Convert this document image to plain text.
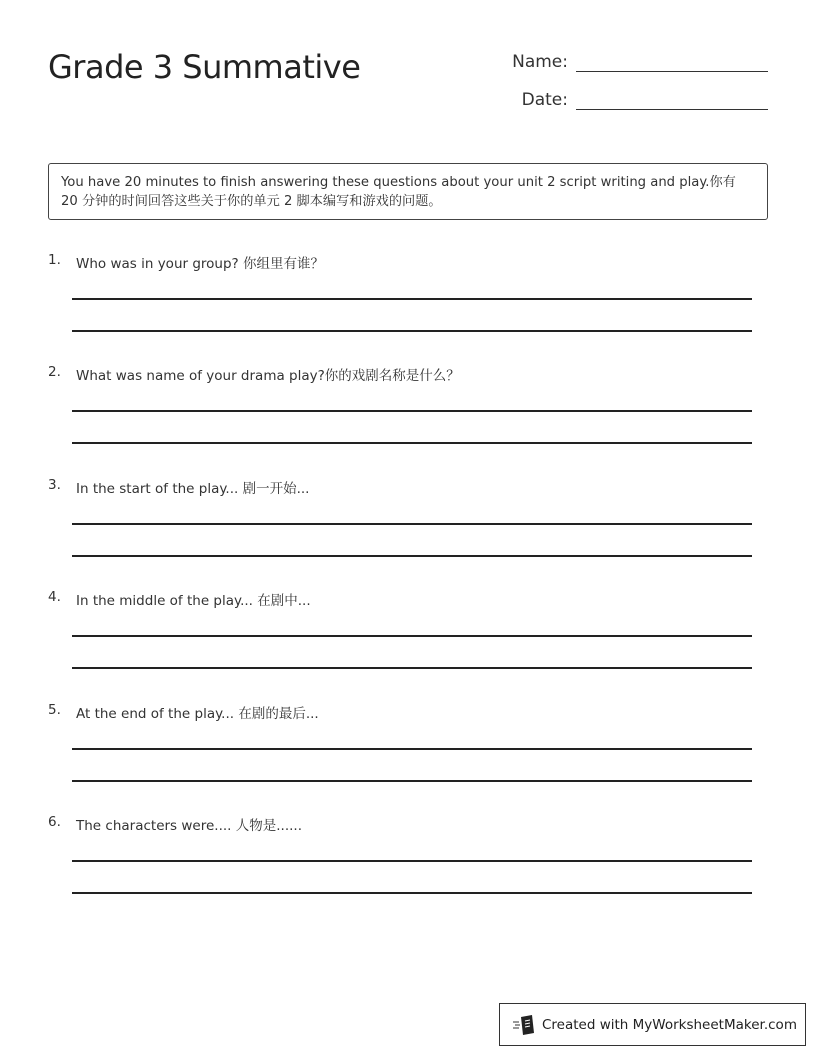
Grade 3 Summative	Name:
Date:
You have 20 minutes to finish answering these questions about your unit 2 script writing and play.你有 20 分钟的时间回答这些关于你的单元 2 脚本编写和游戏的问题。
1.	Who was in your group? 你组里有谁？
2.	What was name of your drama play?你的戏剧名称是什么？
3.	In the start of the play... 剧一开始...
4.	In the middle of the play... 在剧中...
5.	At the end of the play... 在剧的最后...
6.	The characters were.... 人物是......
Created with MyWorksheetMaker.com
